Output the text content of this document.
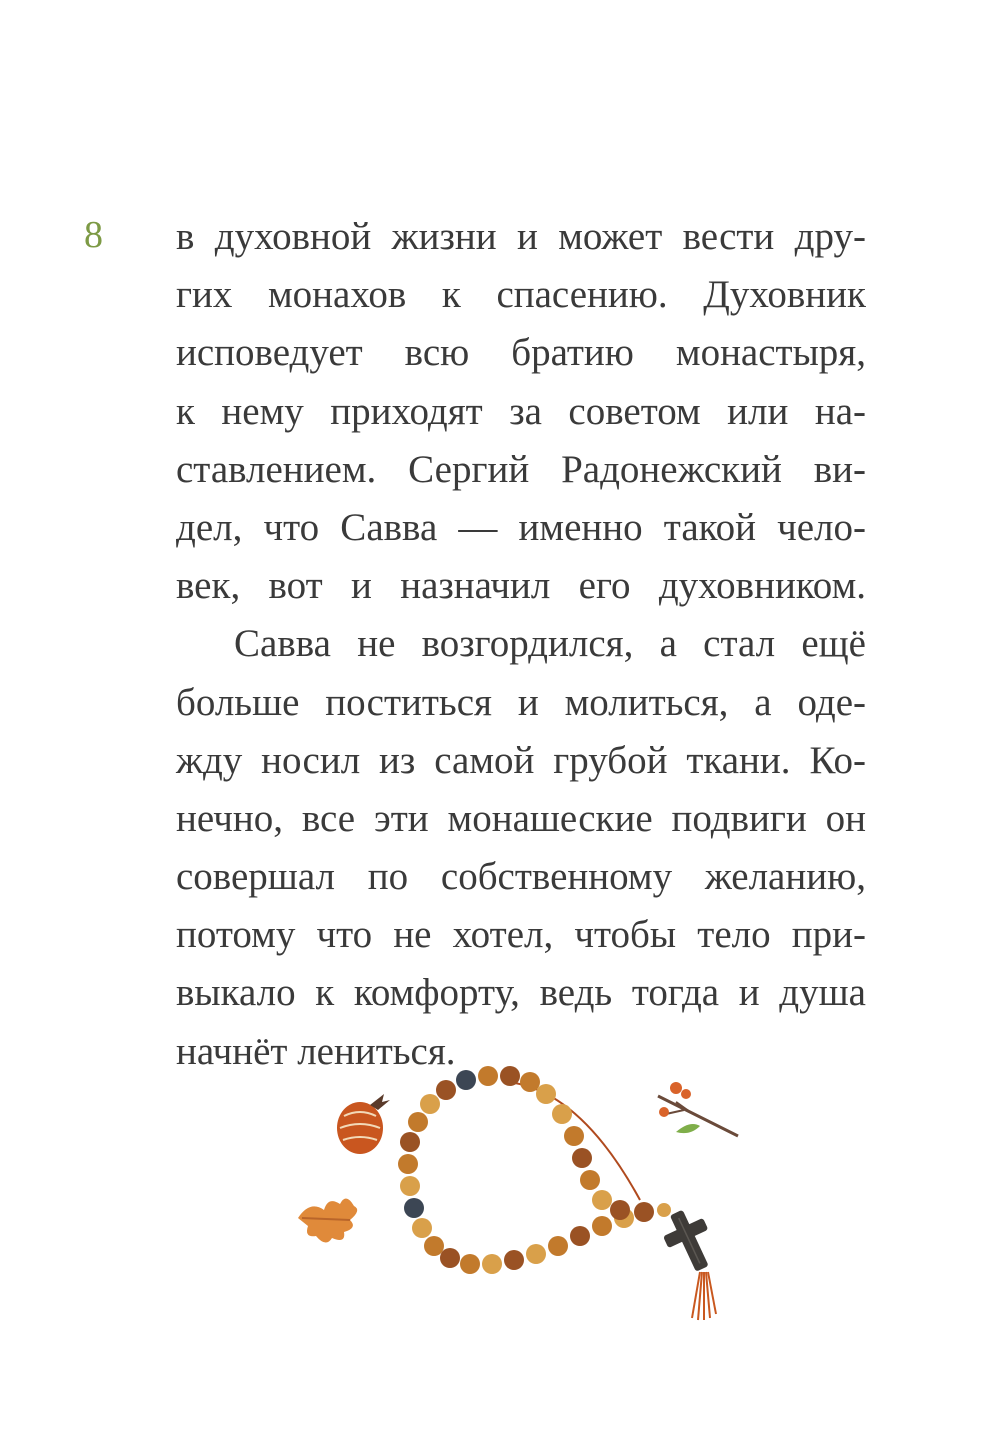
8 в духовной жизни и может вести дру-
гих монахов к спасению. Духовник
исповедует всю братию монастыря,
к нему приходят за советом или на-
ставлением. Сергий Радонежский ви-
дел, что Савва — именно такой чело-
век, вот и назначил его духовником.
Савва не возгордился, а стал ещё
больше поститься и молиться, а оде-
жду носил из самой грубой ткани. Ко-
нечно, все эти монашеские подвиги он
совершал по собственному желанию,
потому что не хотел, чтобы тело при-
выкало к комфорту, ведь тогда и душа
начнёт лениться.
